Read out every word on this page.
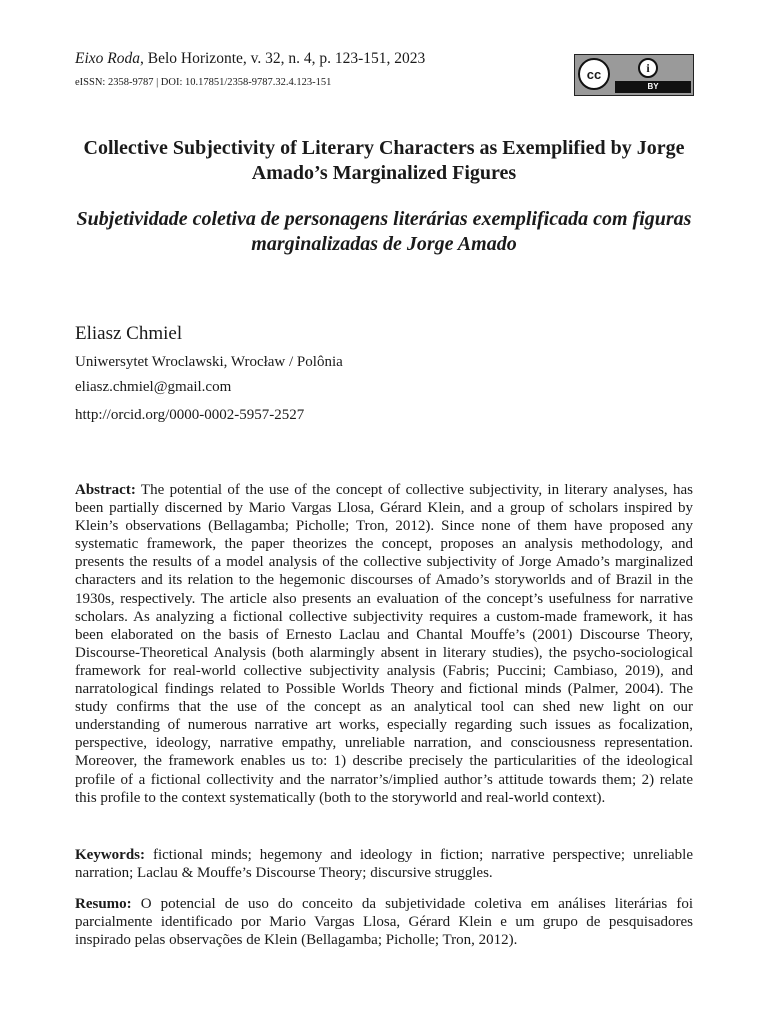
Eixo Roda, Belo Horizonte, v. 32, n. 4, p. 123-151, 2023
eISSN: 2358-9787 | DOI: 10.17851/2358-9787.32.4.123-151
cc	i
BY
Collective Subjectivity of Literary Characters as Exemplified by Jorge Amado’s Marginalized Figures
Subjetividade coletiva de personagens literárias exemplificada com figuras marginalizadas de Jorge Amado
Eliasz Chmiel
Uniwersytet Wroclawski, Wrocław / Polônia
eliasz.chmiel@gmail.com
http://orcid.org/0000-0002-5957-2527
Abstract: The potential of the use of the concept of collective subjectivity, in literary analyses, has been partially discerned by Mario Vargas Llosa, Gérard Klein, and a group of scholars inspired by Klein’s observations (Bellagamba; Picholle; Tron, 2012). Since none of them have proposed any systematic framework, the paper theorizes the concept, proposes an analysis methodology, and presents the results of a model analysis of the collective subjectivity of Jorge Amado’s marginalized characters and its relation to the hegemonic discourses of Amado’s storyworlds and of Brazil in the 1930s, respectively. The article also presents an evaluation of the concept’s usefulness for narrative scholars. As analyzing a fictional collective subjectivity requires a custom-made framework, it has been elaborated on the basis of Ernesto Laclau and Chantal Mouffe’s (2001) Discourse Theory, Discourse-Theoretical Analysis (both alarmingly absent in literary studies), the psycho-sociological framework for real-world collective subjectivity analysis (Fabris; Puccini; Cambiaso, 2019), and narratological findings related to Possible Worlds Theory and fictional minds (Palmer, 2004). The study confirms that the use of the concept as an analytical tool can shed new light on our understanding of numerous narrative art works, especially regarding such issues as focalization, perspective, ideology, narrative empathy, unreliable narration, and consciousness representation. Moreover, the framework enables us to: 1) describe precisely the particularities of the ideological profile of a fictional collectivity and the narrator’s/implied author’s attitude towards them; 2) relate this profile to the context systematically (both to the storyworld and real-world context).
Keywords: fictional minds; hegemony and ideology in fiction; narrative perspective; unreliable narration; Laclau & Mouffe’s Discourse Theory; discursive struggles.
Resumo: O potencial de uso do conceito da subjetividade coletiva em análises literárias foi parcialmente identificado por Mario Vargas Llosa, Gérard Klein e um grupo de pesquisadores inspirado pelas observações de Klein (Bellagamba; Picholle; Tron, 2012).
